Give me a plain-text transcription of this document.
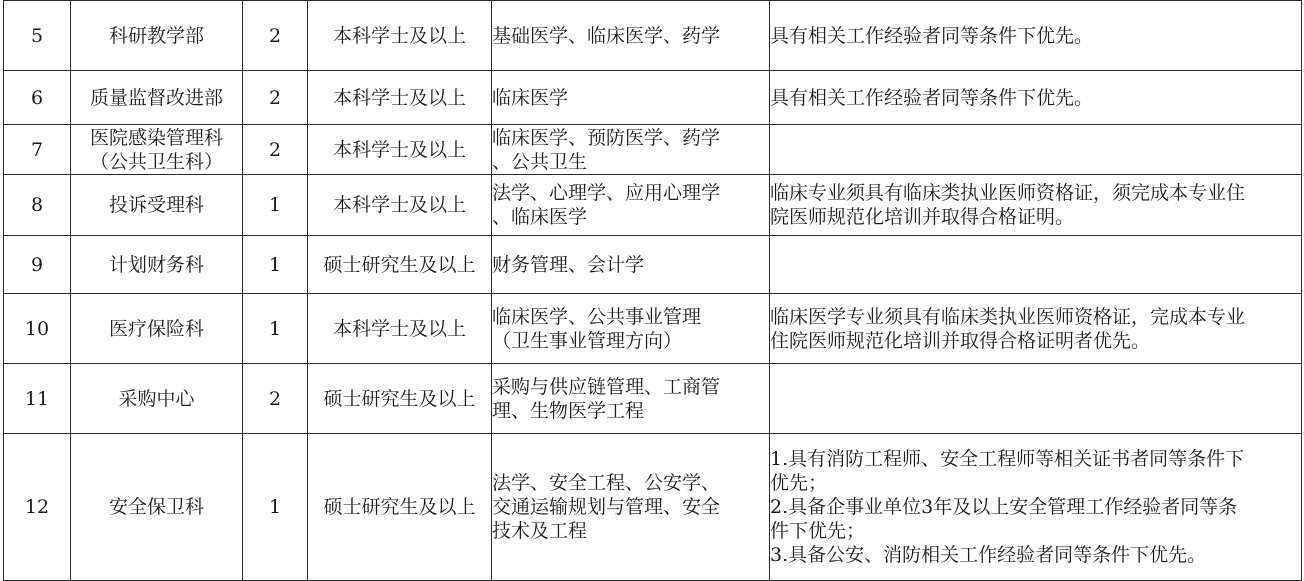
5	科研教学部	2	本科学士及以上	基础医学、临床医学、药学	具有相关工作经验者同等条件下优先。

6	质量监督改进部	2	本科学士及以上	临床医学	具有相关工作经验者同等条件下优先。

7	医院感染管理科
（公共卫生科）	2	本科学士及以上	临床医学、预防医学、药学
、公共卫生	

8	投诉受理科	1	本科学士及以上	法学、心理学、应用心理学
、临床医学	临床专业须具有临床类执业医师资格证，须完成本专业住
院医师规范化培训并取得合格证明。

9	计划财务科	1	硕士研究生及以上	财务管理、会计学	

10	医疗保险科	1	本科学士及以上	临床医学、公共事业管理
（卫生事业管理方向）	临床医学专业须具有临床类执业医师资格证，完成本专业
住院医师规范化培训并取得合格证明者优先。

11	采购中心	2	硕士研究生及以上	采购与供应链管理、工商管
理、生物医学工程	

12	安全保卫科	1	硕士研究生及以上	法学、安全工程、公安学、
交通运输规划与管理、安全
技术及工程	1.具有消防工程师、安全工程师等相关证书者同等条件下
优先；
2.具备企事业单位3年及以上安全管理工作经验者同等条
件下优先；
3.具备公安、消防相关工作经验者同等条件下优先。
